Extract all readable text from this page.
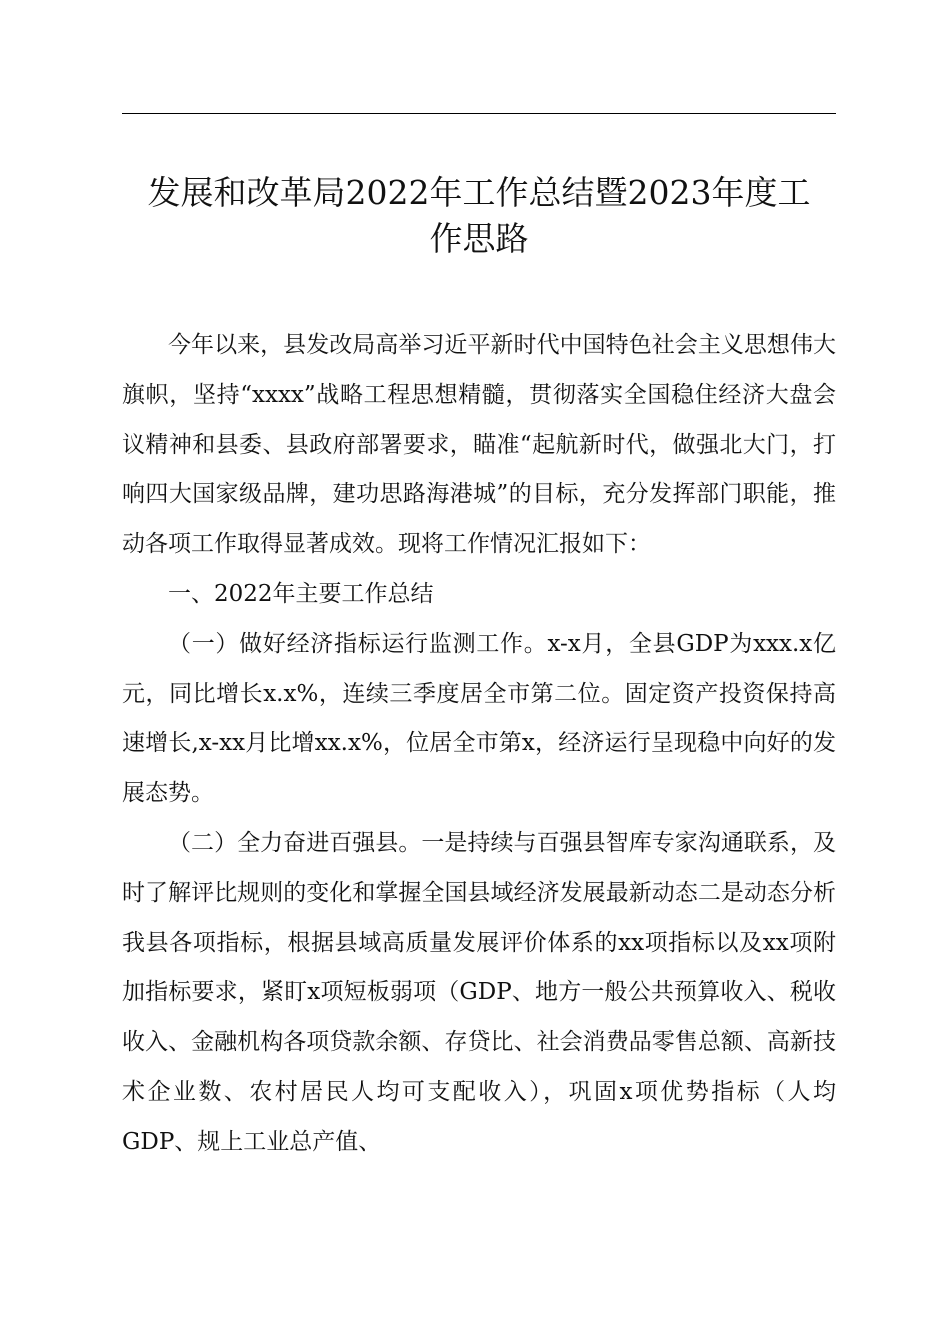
发展和改革局2022年工作总结暨2023年度工
作思路

今年以来，县发改局高举习近平新时代中国特色社会主义思想伟大旗帜，坚持“xxxx”战略工程思想精髓，贯彻落实全国稳住经济大盘会议精神和县委、县政府部署要求，瞄准“起航新时代，做强北大门，打响四大国家级品牌，建功思路海港城”的目标，充分发挥部门职能，推动各项工作取得显著成效。现将工作情况汇报如下：

一、2022年主要工作总结

（一）做好经济指标运行监测工作。x-x月，全县GDP为xxx.x亿元，同比增长x.x%，连续三季度居全市第二位。固定资产投资保持高速增长,x-xx月比增xx.x%，位居全市第x，经济运行呈现稳中向好的发展态势。

（二）全力奋进百强县。一是持续与百强县智库专家沟通联系，及时了解评比规则的变化和掌握全国县域经济发展最新动态二是动态分析我县各项指标，根据县域高质量发展评价体系的xx项指标以及xx项附加指标要求，紧盯x项短板弱项（GDP、地方一般公共预算收入、税收收入、金融机构各项贷款余额、存贷比、社会消费品零售总额、高新技术企业数、农村居民人均可支配收入），巩固x项优势指标（人均GDP、规上工业总产值、
